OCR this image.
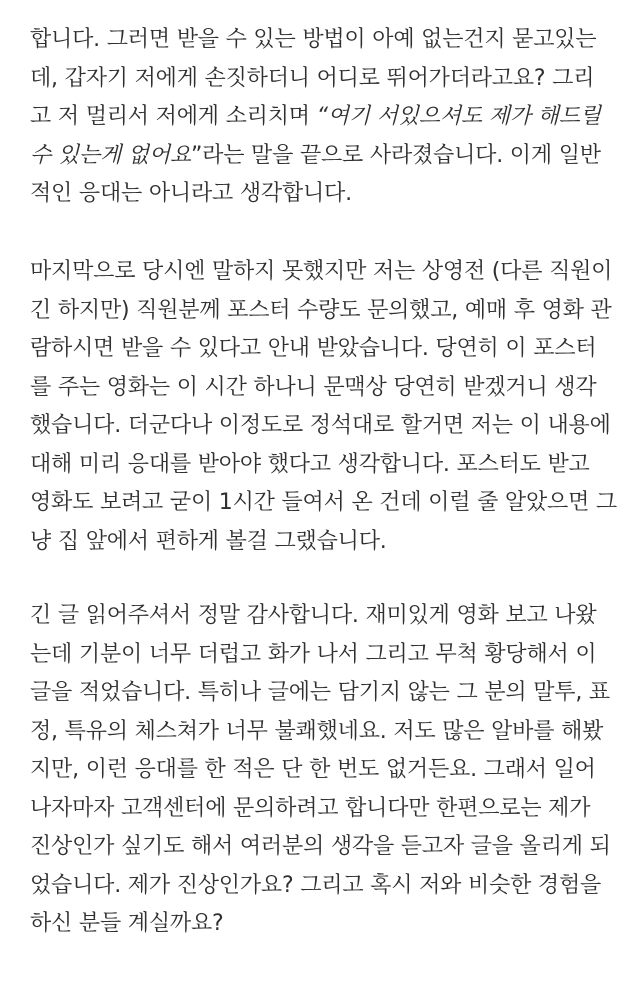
합니다. 그러면 받을 수 있는 방법이 아예 없는건지 묻고있는
데, 갑자기 저에게 손짓하더니 어디로 뛰어가더라고요? 그리
고 저 멀리서 저에게 소리치며 “여기 서있으셔도 제가 해드릴
수 있는게 없어요”라는 말을 끝으로 사라졌습니다. 이게 일반
적인 응대는 아니라고 생각합니다.
마지막으로 당시엔 말하지 못했지만 저는 상영전 (다른 직원이
긴 하지만) 직원분께 포스터 수량도 문의했고, 예매 후 영화 관
람하시면 받을 수 있다고 안내 받았습니다. 당연히 이 포스터
를 주는 영화는 이 시간 하나니 문맥상 당연히 받겠거니 생각
했습니다. 더군다나 이정도로 정석대로 할거면 저는 이 내용에
대해 미리 응대를 받아야 했다고 생각합니다. 포스터도 받고
영화도 보려고 굳이 1시간 들여서 온 건데 이럴 줄 알았으면 그
냥 집 앞에서 편하게 볼걸 그랬습니다.
긴 글 읽어주셔서 정말 감사합니다. 재미있게 영화 보고 나왔
는데 기분이 너무 더럽고 화가 나서 그리고 무척 황당해서 이
글을 적었습니다. 특히나 글에는 담기지 않는 그 분의 말투, 표
정, 특유의 체스쳐가 너무 불쾌했네요. 저도 많은 알바를 해봤
지만, 이런 응대를 한 적은 단 한 번도 없거든요. 그래서 일어
나자마자 고객센터에 문의하려고 합니다만 한편으로는 제가
진상인가 싶기도 해서 여러분의 생각을 듣고자 글을 올리게 되
었습니다. 제가 진상인가요? 그리고 혹시 저와 비슷한 경험을
하신 분들 계실까요?
